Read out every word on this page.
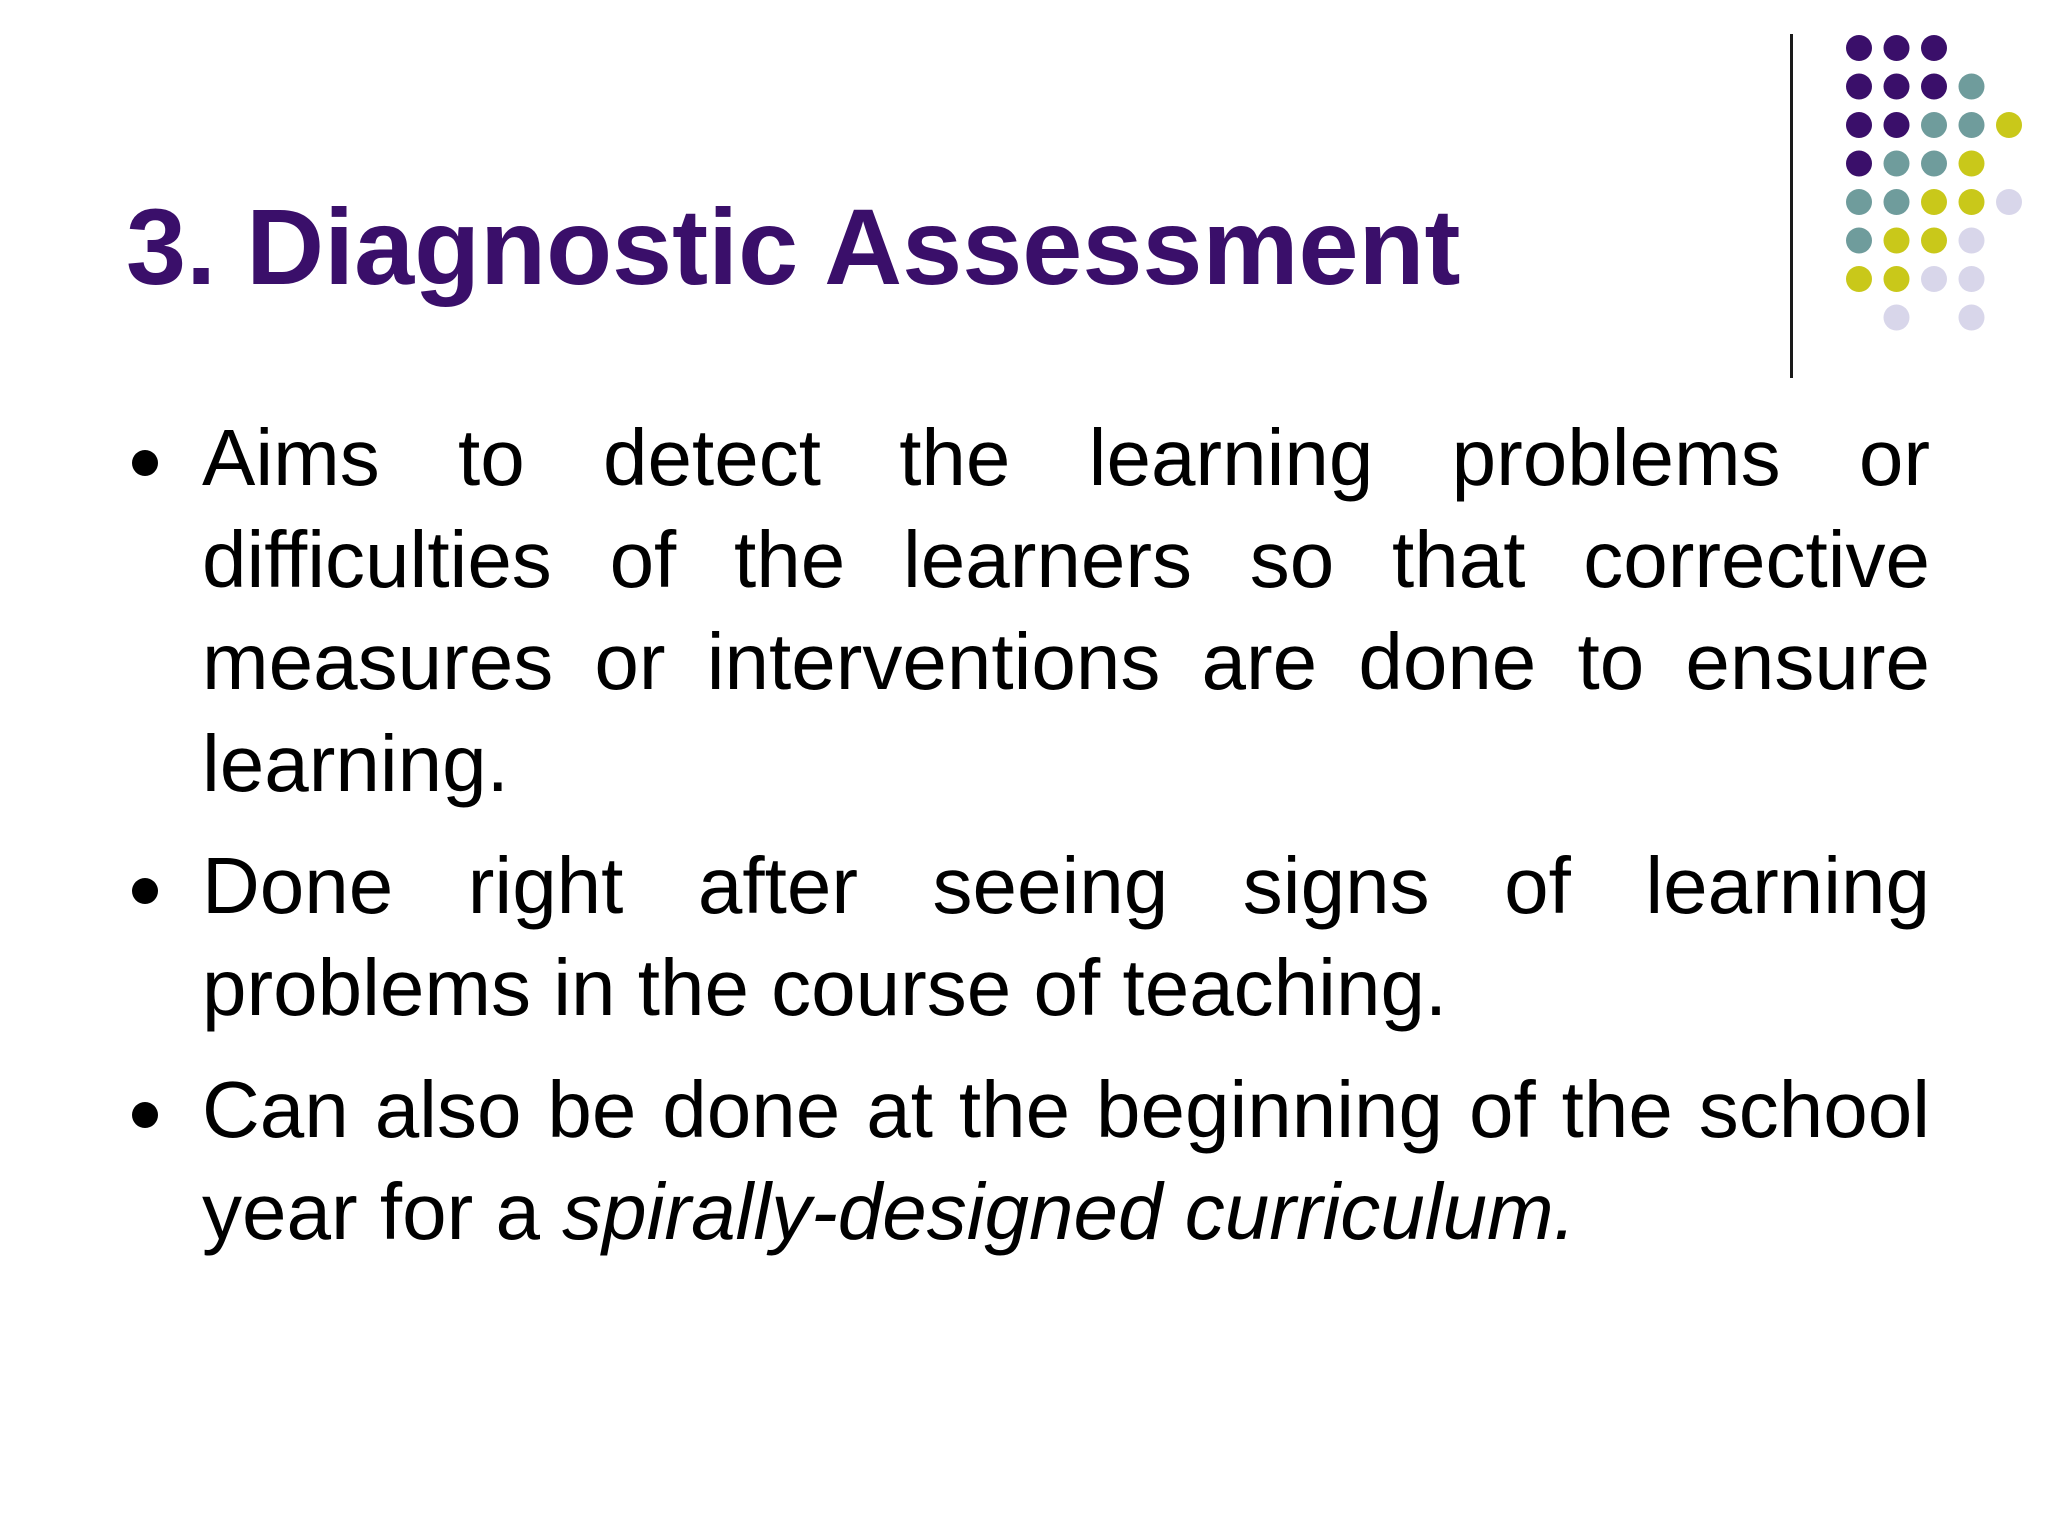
3. Diagnostic Assessment
Aims to detect the learning problems or difficulties of the learners so that corrective measures or interventions are done to ensure learning.
Done right after seeing signs of learning problems in the course of teaching.
Can also be done at the beginning of the school year for a spirally-designed curriculum.
